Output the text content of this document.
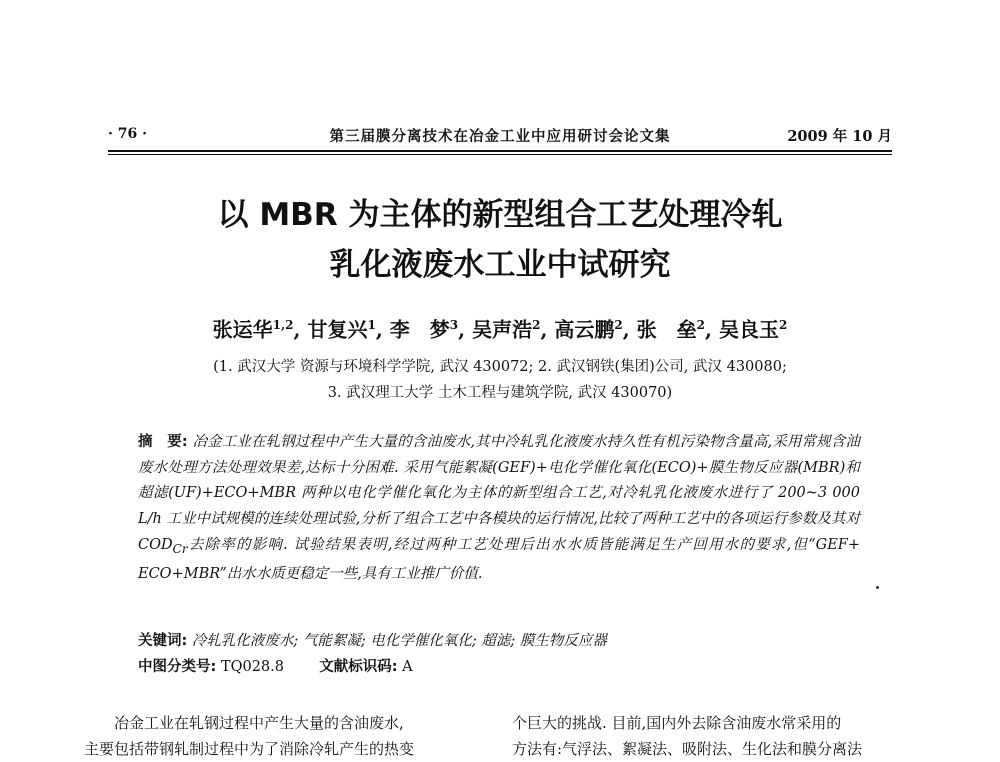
· 76 ·	第三届膜分离技术在冶金工业中应用研讨会论文集	2009 年 10 月
以 MBR 为主体的新型组合工艺处理冷轧
乳化液废水工业中试研究
张运华$^{1,2}$, 甘复兴$^1$, 李　梦$^3$, 吴声浩$^2$, 高云鹏$^2$, 张　垒$^2$, 吴良玉$^2$
(1. 武汉大学 资源与环境科学学院, 武汉 430072; 2. 武汉钢铁(集团)公司, 武汉 430080;
3. 武汉理工大学 土木工程与建筑学院, 武汉 430070)
摘　要: 冶金工业在轧钢过程中产生大量的含油废水,其中冷轧乳化液废水持久性有机污染物含量高,采用常规含油废水处理方法处理效果差,达标十分困难. 采用气能絮凝(GEF)+电化学催化氧化(ECO)+膜生物反应器(MBR)和超滤(UF)+ECO+MBR 两种以电化学催化氧化为主体的新型组合工艺,对冷轧乳化液废水进行了 200~3 000 L/h 工业中试规模的连续处理试验,分析了组合工艺中各模块的运行情况,比较了两种工艺中的各项运行参数及其对 $COD_{Cr}$去除率的影响. 试验结果表明,经过两种工艺处理后出水水质皆能满足生产回用水的要求,但“GEF+ ECO+MBR”出水水质更稳定一些,具有工业推广价值.
关键词: 冷轧乳化液废水; 气能絮凝; 电化学催化氧化; 超滤; 膜生物反应器
中图分类号: TQ028.8 文献标识码: A
冶金工业在轧钢过程中产生大量的含油废水,
主要包括带钢轧制过程中为了消除冷轧产生的热变
个巨大的挑战. 目前,国内外去除含油废水常采用的
方法有:气浮法、絮凝法、吸附法、生化法和膜分离法
